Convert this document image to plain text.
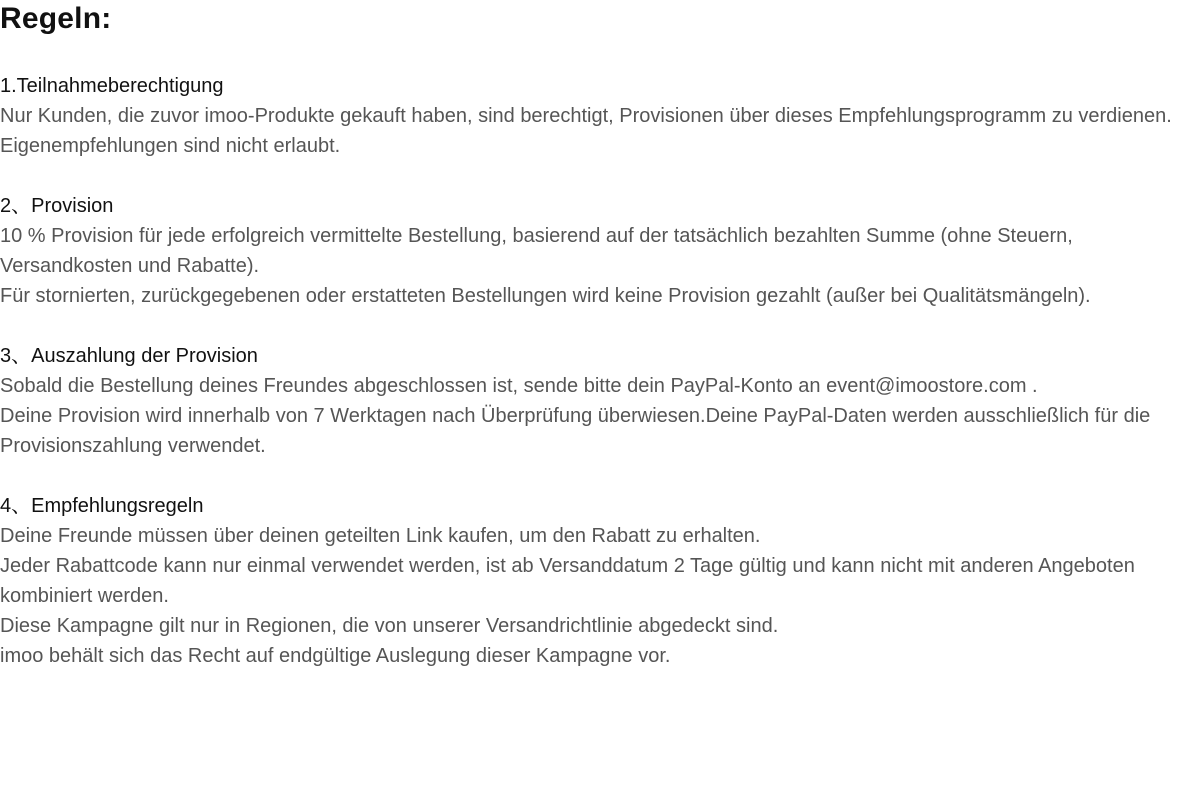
Regeln:
1.Teilnahmeberechtigung

Nur Kunden, die zuvor imoo-Produkte gekauft haben, sind berechtigt, Provisionen über dieses Empfehlungsprogramm zu verdienen.

Eigenempfehlungen sind nicht erlaubt.

2、Provision

10 % Provision für jede erfolgreich vermittelte Bestellung, basierend auf der tatsächlich bezahlten Summe (ohne Steuern, Versandkosten und Rabatte).

Für stornierten, zurückgegebenen oder erstatteten Bestellungen wird keine Provision gezahlt (außer bei Qualitätsmängeln).

3、Auszahlung der Provision

Sobald die Bestellung deines Freundes abgeschlossen ist, sende bitte dein PayPal-Konto an event@imoostore.com .

Deine Provision wird innerhalb von 7 Werktagen nach Überprüfung überwiesen.Deine PayPal-Daten werden ausschließlich für die Provisionszahlung verwendet.

4、Empfehlungsregeln

Deine Freunde müssen über deinen geteilten Link kaufen, um den Rabatt zu erhalten.

Jeder Rabattcode kann nur einmal verwendet werden, ist ab Versanddatum 2 Tage gültig und kann nicht mit anderen Angeboten kombiniert werden.

Diese Kampagne gilt nur in Regionen, die von unserer Versandrichtlinie abgedeckt sind.

imoo behält sich das Recht auf endgültige Auslegung dieser Kampagne vor.
